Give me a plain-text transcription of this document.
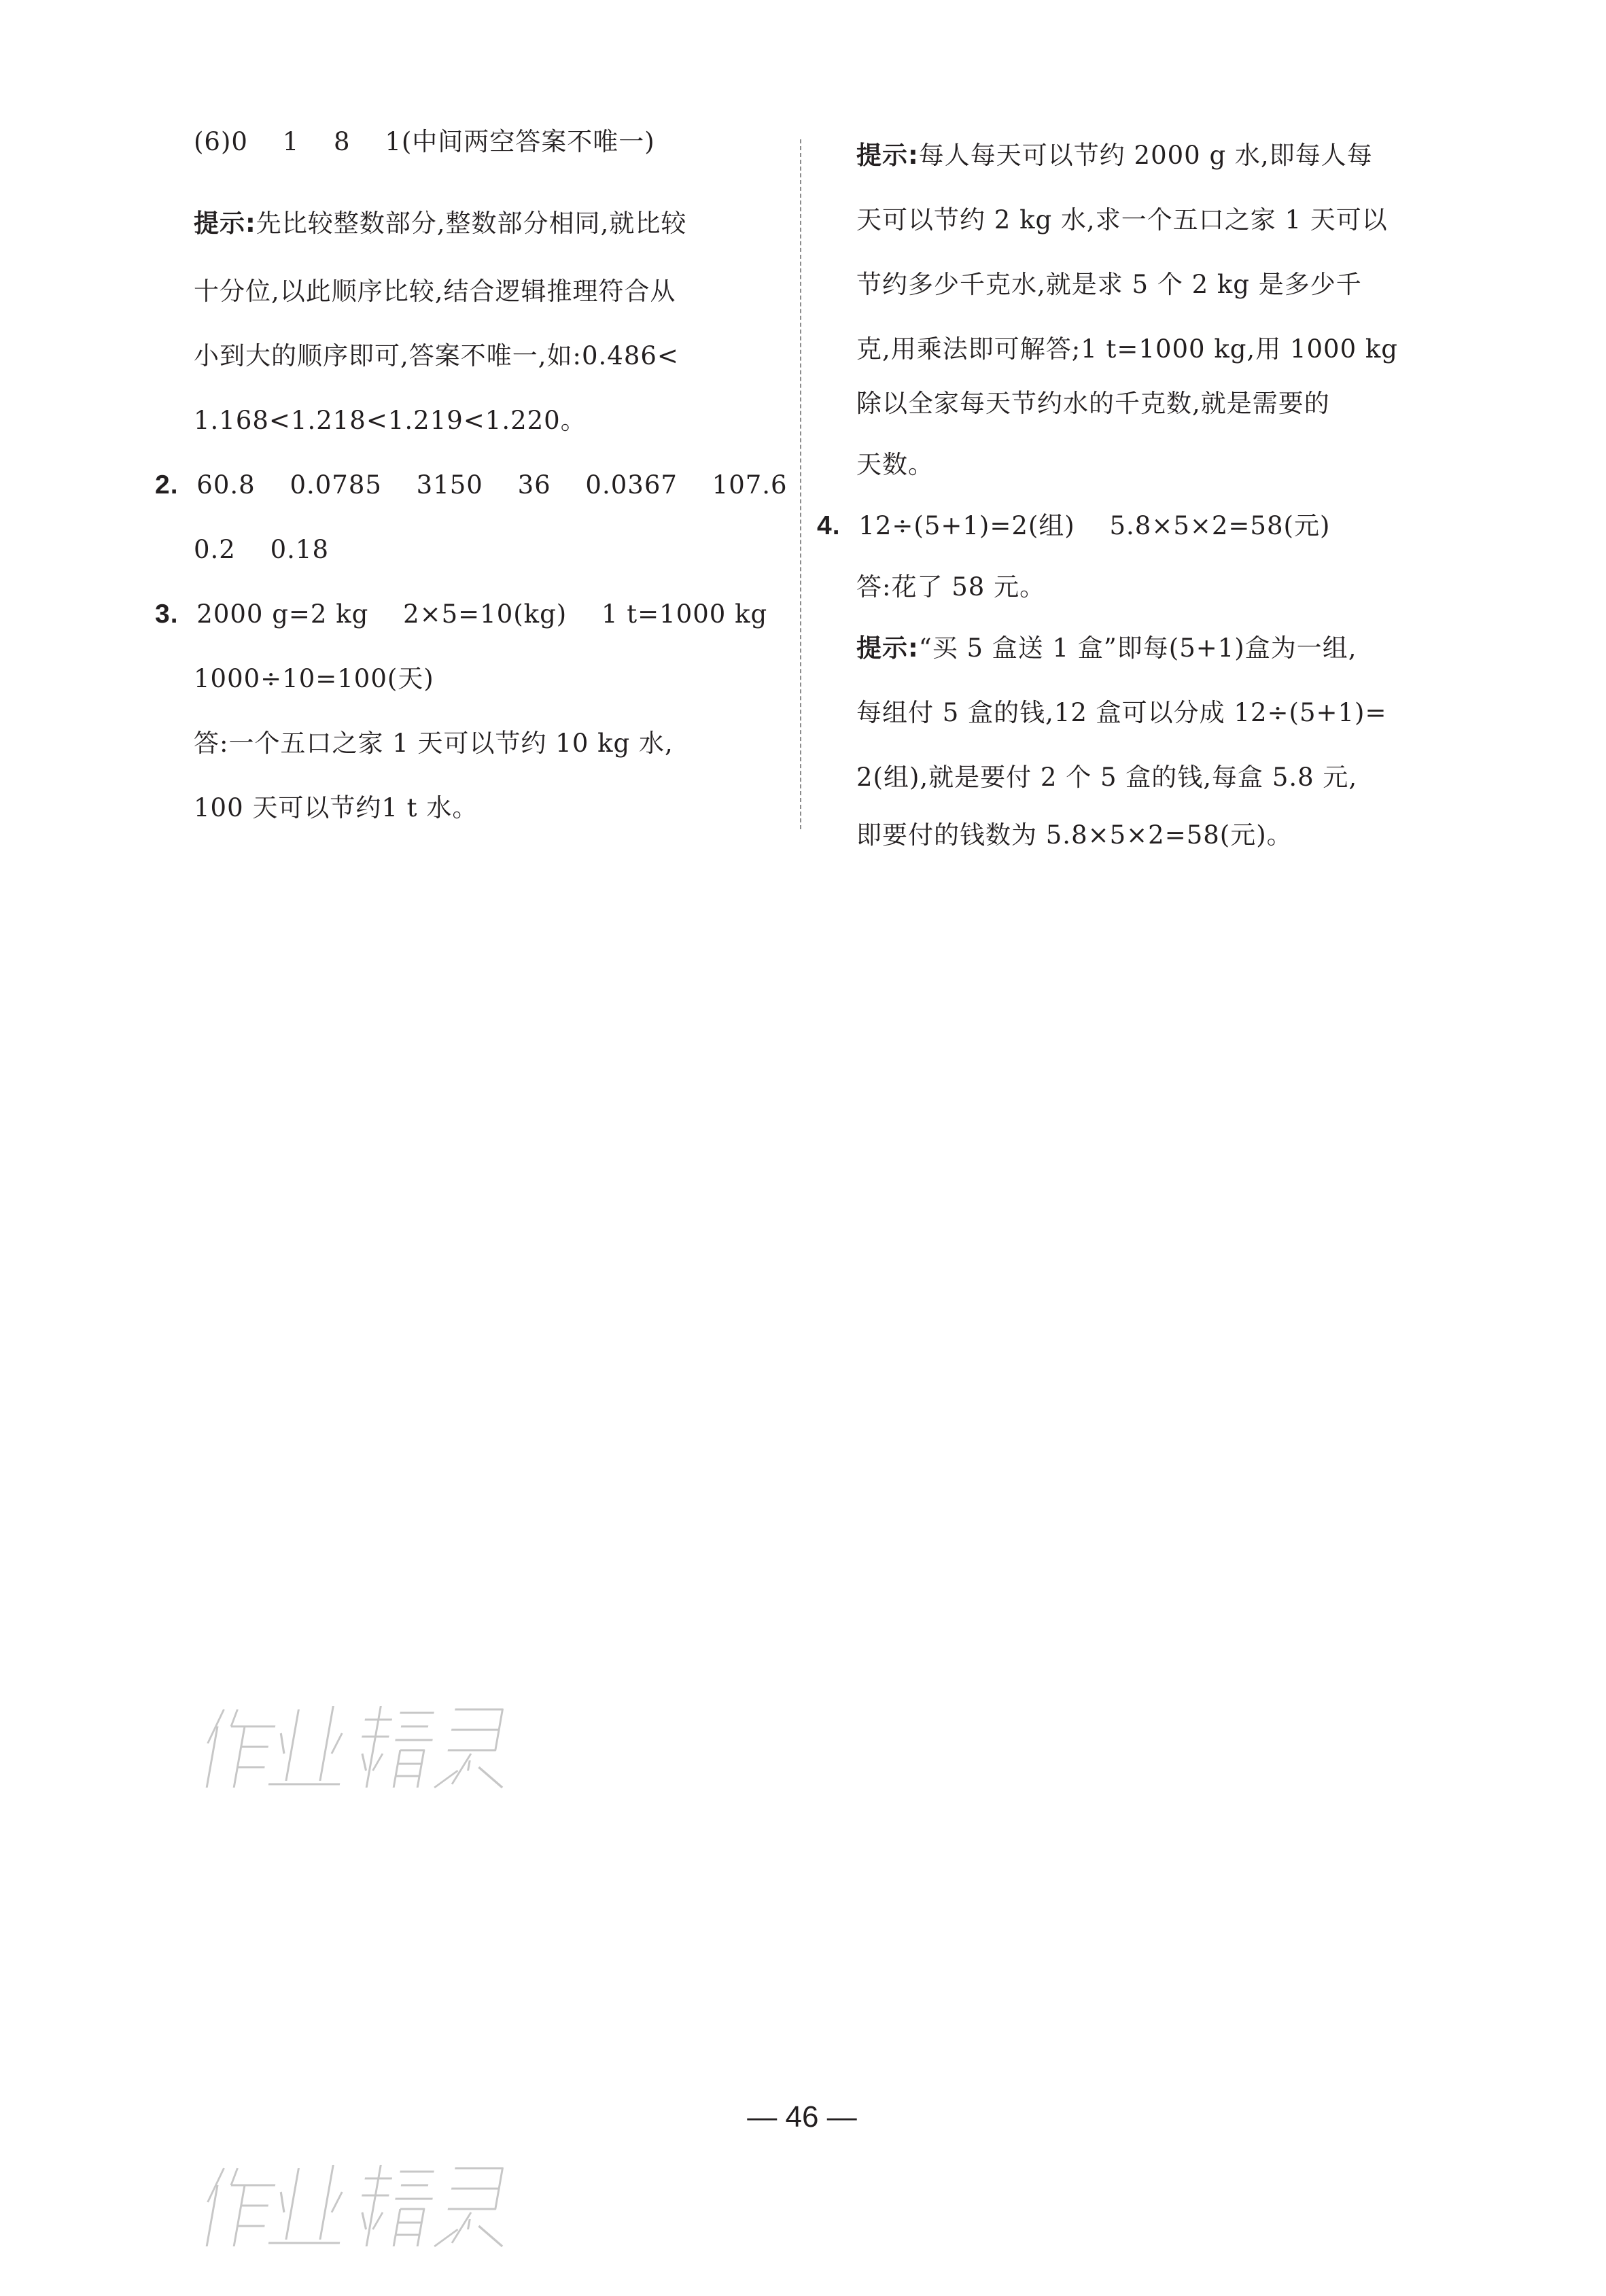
(6)0  1  8  1(中间两空答案不唯一)
提示:先比较整数部分,整数部分相同,就比较
十分位,以此顺序比较,结合逻辑推理符合从
小到大的顺序即可,答案不唯一,如:0.486<
1.168<1.218<1.219<1.220。
2. 60.8  0.0785  3150  36  0.0367  107.6
0.2  0.18
3. 2000 g=2 kg  2×5=10(kg)  1 t=1000 kg
1000÷10=100(天)
答:一个五口之家 1 天可以节约 10 kg 水,
100 天可以节约1 t 水。
提示:每人每天可以节约 2000 g 水,即每人每
天可以节约 2 kg 水,求一个五口之家 1 天可以
节约多少千克水,就是求 5 个 2 kg 是多少千
克,用乘法即可解答;1 t=1000 kg,用 1000 kg
除以全家每天节约水的千克数,就是需要的
天数。
4. 12÷(5+1)=2(组)  5.8×5×2=58(元)
答:花了 58 元。
提示:“买 5 盒送 1 盒”即每(5+1)盒为一组,
每组付 5 盒的钱,12 盒可以分成 12÷(5+1)=
2(组),就是要付 2 个 5 盒的钱,每盒 5.8 元,
即要付的钱数为 5.8×5×2=58(元)。
— 46 —
